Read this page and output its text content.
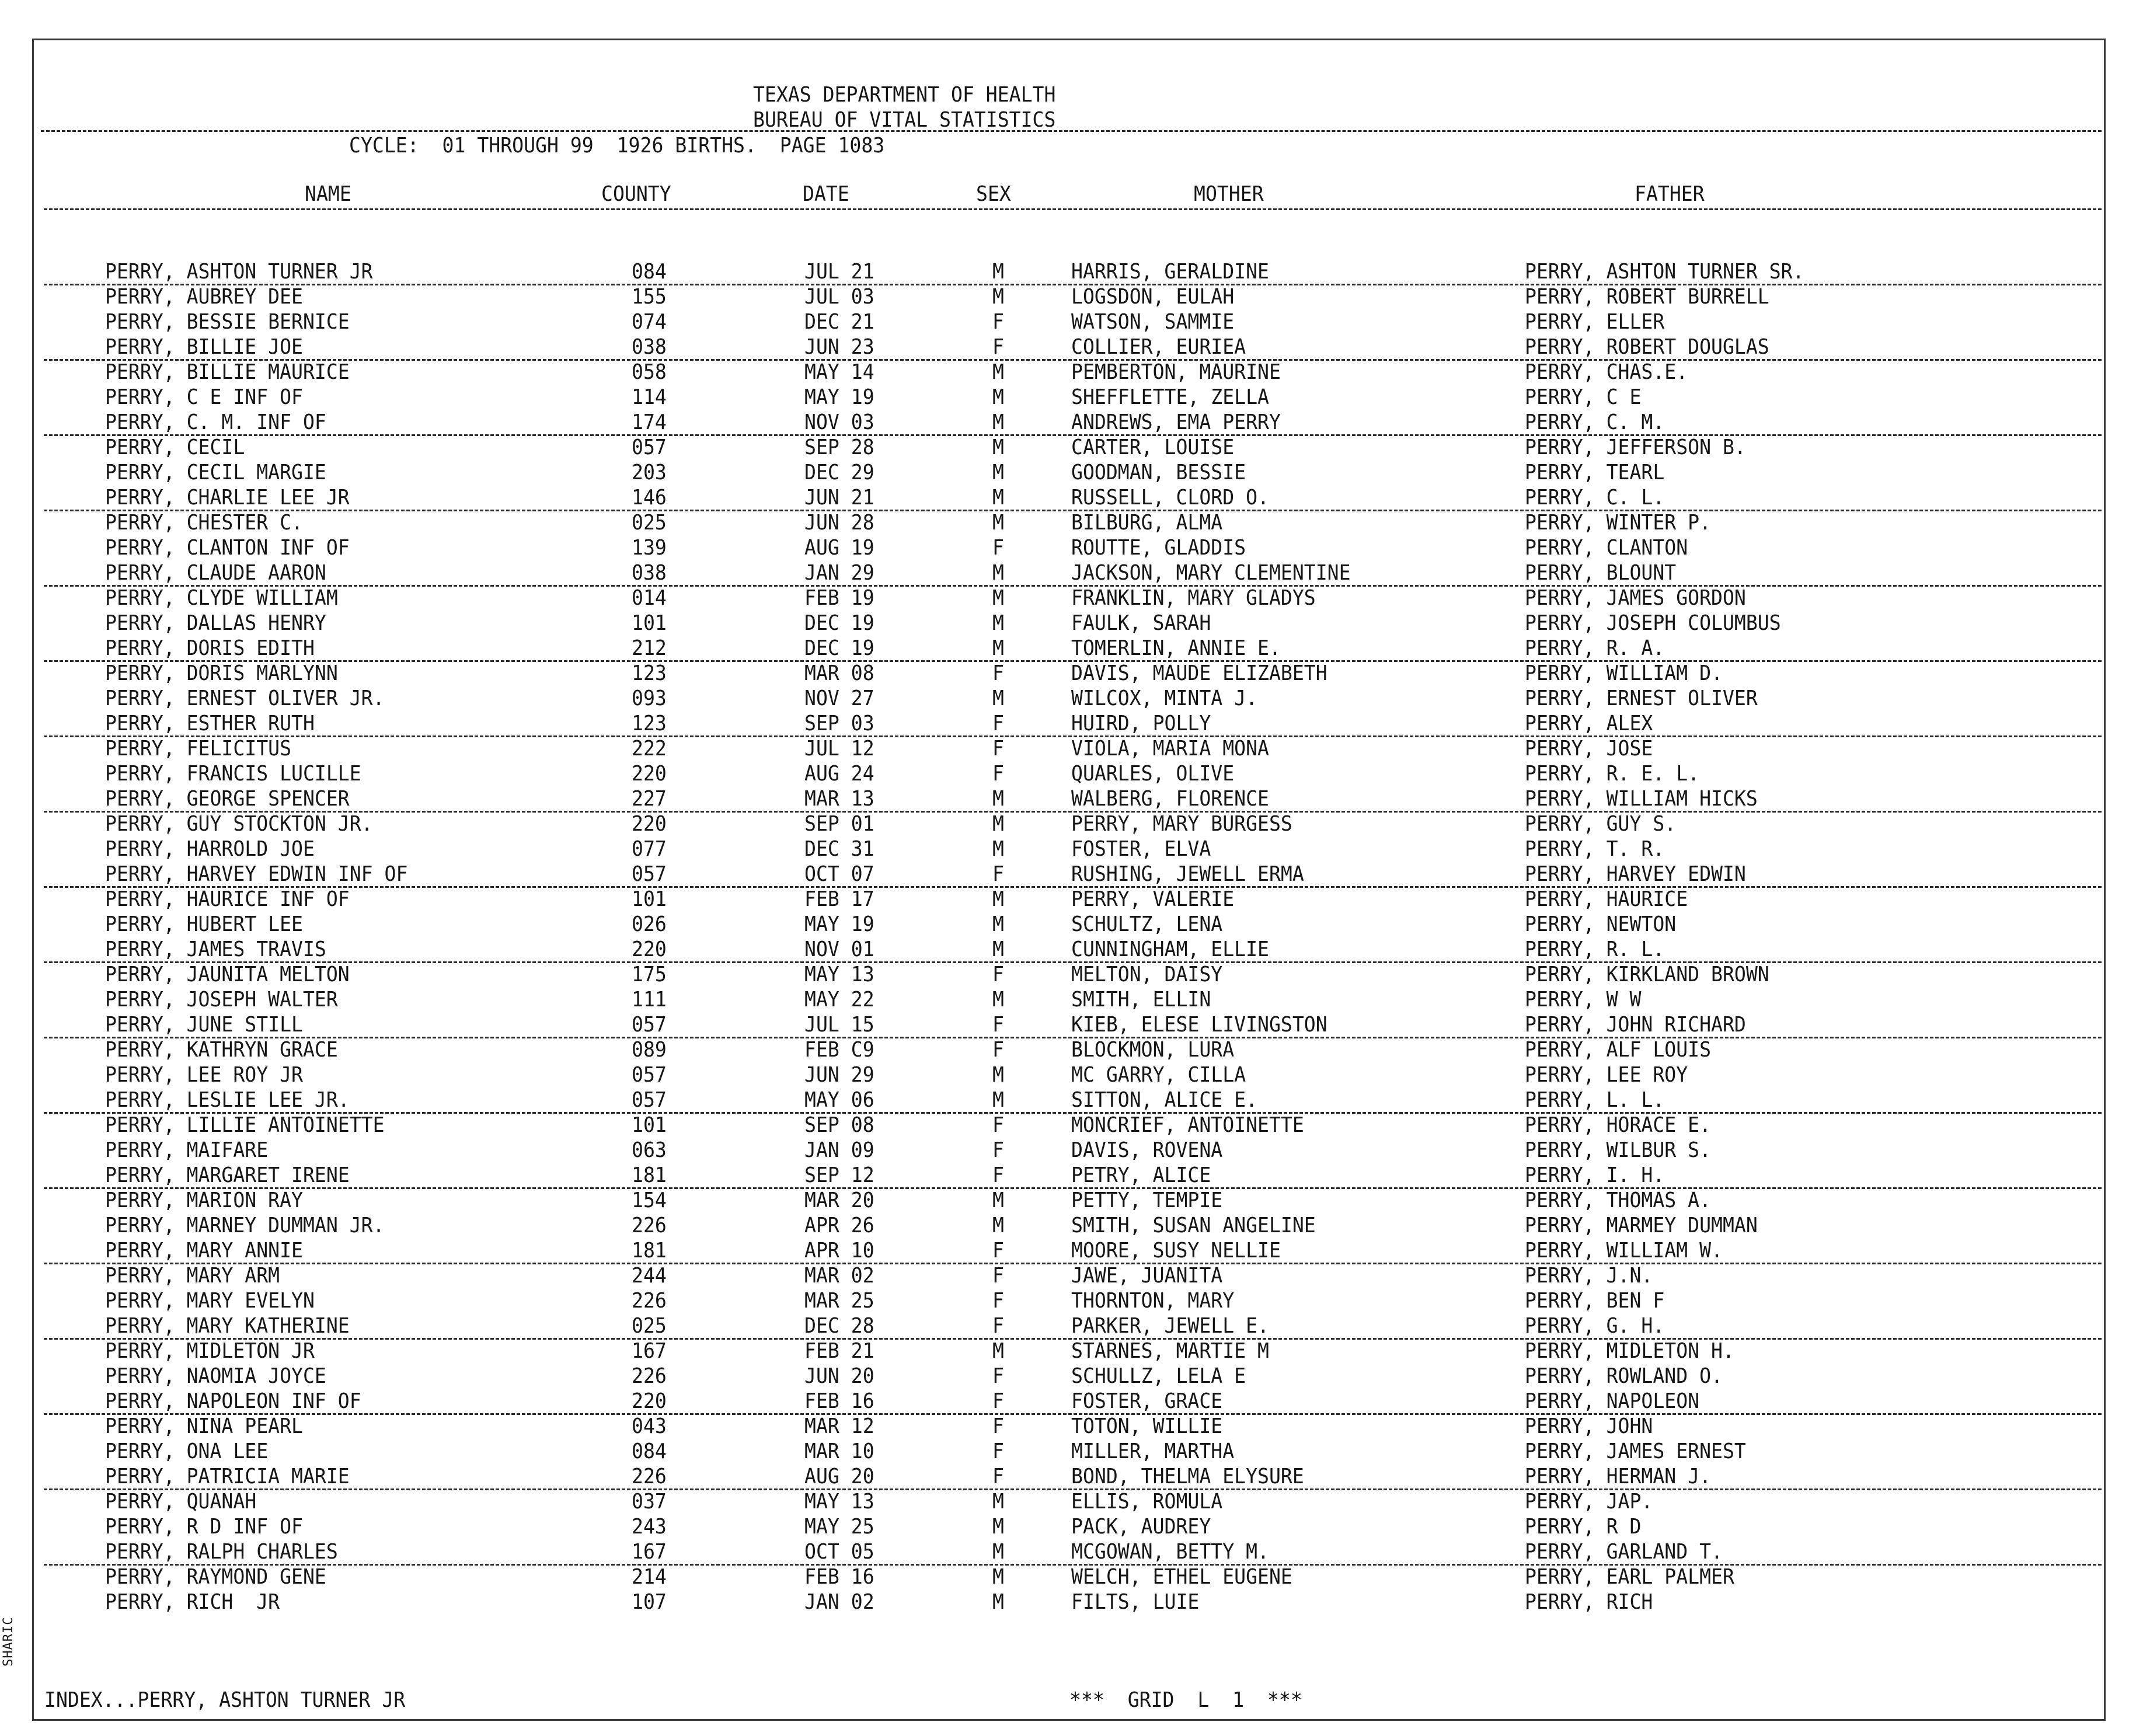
TEXAS DEPARTMENT OF HEALTH
BUREAU OF VITAL STATISTICS
CYCLE:  01 THROUGH 99  1926 BIRTHS.  PAGE 1083
NAME	COUNTY	DATE	SEX	MOTHER	FATHER
PERRY, ASHTON TURNER JR	084	JUL 21	M	HARRIS, GERALDINE	PERRY, ASHTON TURNER SR.
PERRY, AUBREY DEE	155	JUL 03	M	LOGSDON, EULAH	PERRY, ROBERT BURRELL
PERRY, BESSIE BERNICE	074	DEC 21	F	WATSON, SAMMIE	PERRY, ELLER
PERRY, BILLIE JOE	038	JUN 23	F	COLLIER, EURIEA	PERRY, ROBERT DOUGLAS
PERRY, BILLIE MAURICE	058	MAY 14	M	PEMBERTON, MAURINE	PERRY, CHAS.E.
PERRY, C E INF OF	114	MAY 19	M	SHEFFLETTE, ZELLA	PERRY, C E
PERRY, C. M. INF OF	174	NOV 03	M	ANDREWS, EMA PERRY	PERRY, C. M.
PERRY, CECIL	057	SEP 28	M	CARTER, LOUISE	PERRY, JEFFERSON B.
PERRY, CECIL MARGIE	203	DEC 29	M	GOODMAN, BESSIE	PERRY, TEARL
PERRY, CHARLIE LEE JR	146	JUN 21	M	RUSSELL, CLORD O.	PERRY, C. L.
PERRY, CHESTER C.	025	JUN 28	M	BILBURG, ALMA	PERRY, WINTER P.
PERRY, CLANTON INF OF	139	AUG 19	F	ROUTTE, GLADDIS	PERRY, CLANTON
PERRY, CLAUDE AARON	038	JAN 29	M	JACKSON, MARY CLEMENTINE	PERRY, BLOUNT
PERRY, CLYDE WILLIAM	014	FEB 19	M	FRANKLIN, MARY GLADYS	PERRY, JAMES GORDON
PERRY, DALLAS HENRY	101	DEC 19	M	FAULK, SARAH	PERRY, JOSEPH COLUMBUS
PERRY, DORIS EDITH	212	DEC 19	M	TOMERLIN, ANNIE E.	PERRY, R. A.
PERRY, DORIS MARLYNN	123	MAR 08	F	DAVIS, MAUDE ELIZABETH	PERRY, WILLIAM D.
PERRY, ERNEST OLIVER JR.	093	NOV 27	M	WILCOX, MINTA J.	PERRY, ERNEST OLIVER
PERRY, ESTHER RUTH	123	SEP 03	F	HUIRD, POLLY	PERRY, ALEX
PERRY, FELICITUS	222	JUL 12	F	VIOLA, MARIA MONA	PERRY, JOSE
PERRY, FRANCIS LUCILLE	220	AUG 24	F	QUARLES, OLIVE	PERRY, R. E. L.
PERRY, GEORGE SPENCER	227	MAR 13	M	WALBERG, FLORENCE	PERRY, WILLIAM HICKS
PERRY, GUY STOCKTON JR.	220	SEP 01	M	PERRY, MARY BURGESS	PERRY, GUY S.
PERRY, HARROLD JOE	077	DEC 31	M	FOSTER, ELVA	PERRY, T. R.
PERRY, HARVEY EDWIN INF OF	057	OCT 07	F	RUSHING, JEWELL ERMA	PERRY, HARVEY EDWIN
PERRY, HAURICE INF OF	101	FEB 17	M	PERRY, VALERIE	PERRY, HAURICE
PERRY, HUBERT LEE	026	MAY 19	M	SCHULTZ, LENA	PERRY, NEWTON
PERRY, JAMES TRAVIS	220	NOV 01	M	CUNNINGHAM, ELLIE	PERRY, R. L.
PERRY, JAUNITA MELTON	175	MAY 13	F	MELTON, DAISY	PERRY, KIRKLAND BROWN
PERRY, JOSEPH WALTER	111	MAY 22	M	SMITH, ELLIN	PERRY, W W
PERRY, JUNE STILL	057	JUL 15	F	KIEB, ELESE LIVINGSTON	PERRY, JOHN RICHARD
PERRY, KATHRYN GRACE	089	FEB C9	F	BLOCKMON, LURA	PERRY, ALF LOUIS
PERRY, LEE ROY JR	057	JUN 29	M	MC GARRY, CILLA	PERRY, LEE ROY
PERRY, LESLIE LEE JR.	057	MAY 06	M	SITTON, ALICE E.	PERRY, L. L.
PERRY, LILLIE ANTOINETTE	101	SEP 08	F	MONCRIEF, ANTOINETTE	PERRY, HORACE E.
PERRY, MAIFARE	063	JAN 09	F	DAVIS, ROVENA	PERRY, WILBUR S.
PERRY, MARGARET IRENE	181	SEP 12	F	PETRY, ALICE	PERRY, I. H.
PERRY, MARION RAY	154	MAR 20	M	PETTY, TEMPIE	PERRY, THOMAS A.
PERRY, MARNEY DUMMAN JR.	226	APR 26	M	SMITH, SUSAN ANGELINE	PERRY, MARMEY DUMMAN
PERRY, MARY ANNIE	181	APR 10	F	MOORE, SUSY NELLIE	PERRY, WILLIAM W.
PERRY, MARY ARM	244	MAR 02	F	JAWE, JUANITA	PERRY, J.N.
PERRY, MARY EVELYN	226	MAR 25	F	THORNTON, MARY	PERRY, BEN F
PERRY, MARY KATHERINE	025	DEC 28	F	PARKER, JEWELL E.	PERRY, G. H.
PERRY, MIDLETON JR	167	FEB 21	M	STARNES, MARTIE M	PERRY, MIDLETON H.
PERRY, NAOMIA JOYCE	226	JUN 20	F	SCHULLZ, LELA E	PERRY, ROWLAND O.
PERRY, NAPOLEON INF OF	220	FEB 16	F	FOSTER, GRACE	PERRY, NAPOLEON
PERRY, NINA PEARL	043	MAR 12	F	TOTON, WILLIE	PERRY, JOHN
PERRY, ONA LEE	084	MAR 10	F	MILLER, MARTHA	PERRY, JAMES ERNEST
PERRY, PATRICIA MARIE	226	AUG 20	F	BOND, THELMA ELYSURE	PERRY, HERMAN J.
PERRY, QUANAH	037	MAY 13	M	ELLIS, ROMULA	PERRY, JAP.
PERRY, R D INF OF	243	MAY 25	M	PACK, AUDREY	PERRY, R D
PERRY, RALPH CHARLES	167	OCT 05	M	MCGOWAN, BETTY M.	PERRY, GARLAND T.
PERRY, RAYMOND GENE	214	FEB 16	M	WELCH, ETHEL EUGENE	PERRY, EARL PALMER
PERRY, RICH  JR	107	JAN 02	M	FILTS, LUIE	PERRY, RICH
INDEX...PERRY, ASHTON TURNER JR	***  GRID  L  1  ***
SHARIC
